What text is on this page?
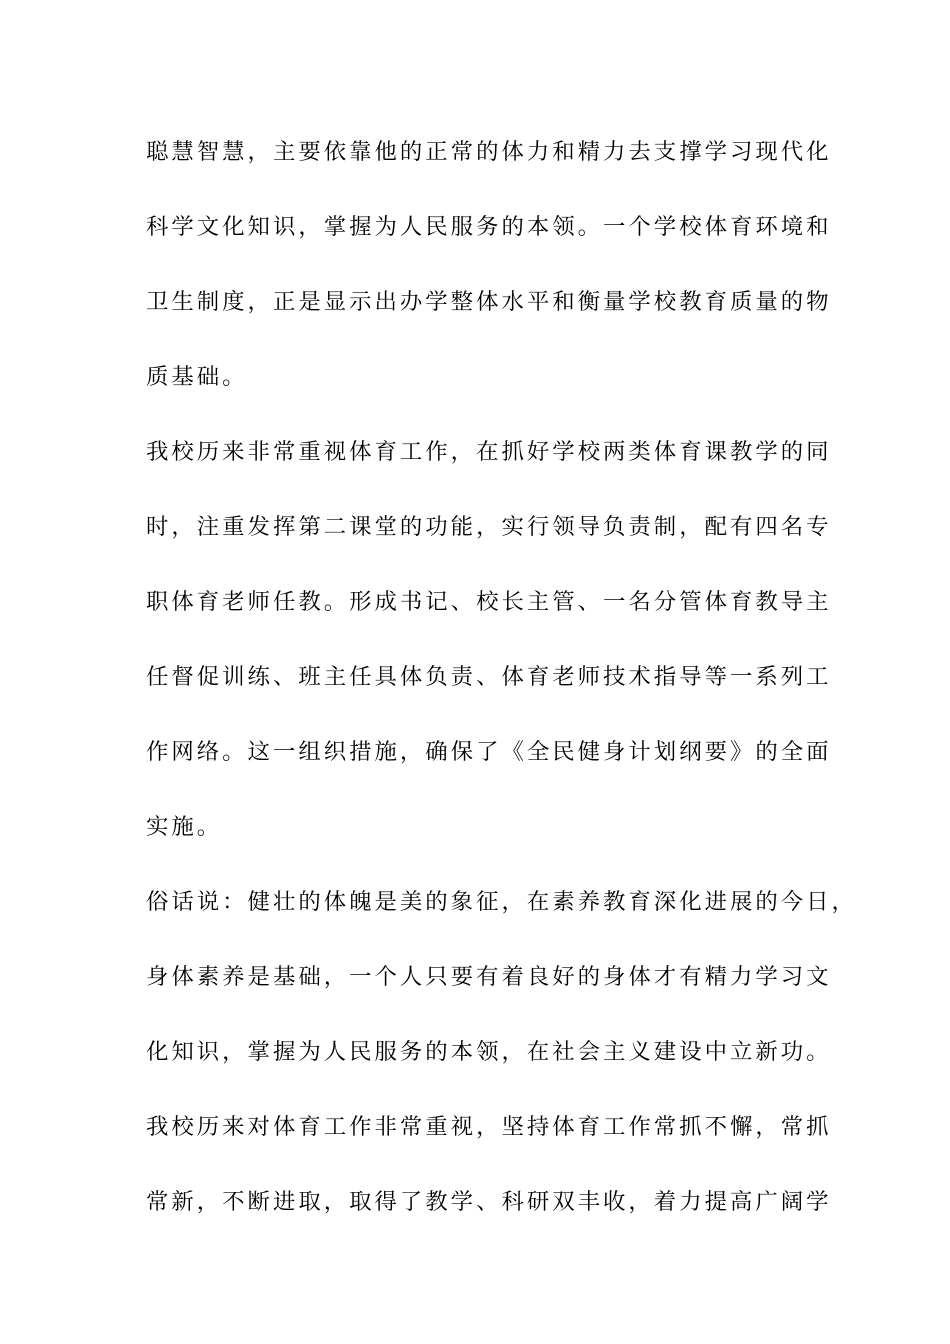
聪慧智慧，主要依靠他的正常的体力和精力去支撑学习现代化
科学文化知识，掌握为人民服务的本领。一个学校体育环境和
卫生制度，正是显示出办学整体水平和衡量学校教育质量的物
质基础。
我校历来非常重视体育工作，在抓好学校两类体育课教学的同
时，注重发挥第二课堂的功能，实行领导负责制，配有四名专
职体育老师任教。形成书记、校长主管、一名分管体育教导主
任督促训练、班主任具体负责、体育老师技术指导等一系列工
作网络。这一组织措施，确保了《全民健身计划纲要》的全面
实施。
俗话说：健壮的体魄是美的象征，在素养教育深化进展的今日，
身体素养是基础，一个人只要有着良好的身体才有精力学习文
化知识，掌握为人民服务的本领，在社会主义建设中立新功。
我校历来对体育工作非常重视，坚持体育工作常抓不懈，常抓
常新，不断进取，取得了教学、科研双丰收，着力提高广阔学
